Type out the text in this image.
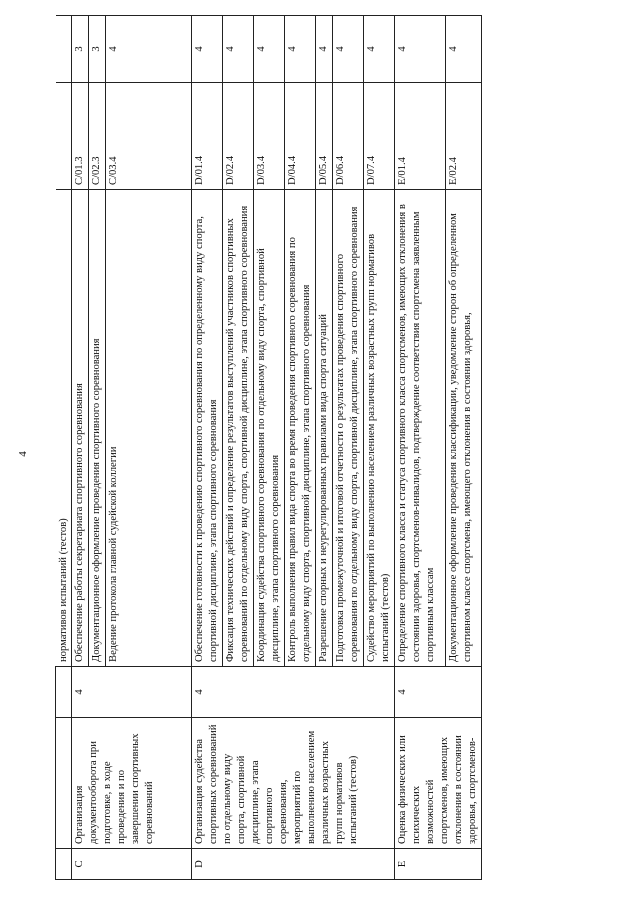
4
			нормативов испытаний (тестов)		
C	Организация документооборота при подготовке, в ходе проведения и по завершении спортивных соревнований	4	Обеспечение работы секретариата спортивного соревнования	C/01.3	3
			Документационное оформление проведения спортивного соревнования	C/02.3	3
			Ведение протокола главной судейской коллегии	C/03.4	4
D	Организация судейства спортивных соревнований по отдельному виду спорта, спортивной дисциплине, этапа спортивного соревнования, мероприятий по выполнению населением различных возрастных групп нормативов испытаний (тестов)	4	Обеспечение готовности к проведению спортивного соревнования по определенному виду спорта, спортивной дисциплине, этапа спортивного соревнования	D/01.4	4
			Фиксация технических действий и определение результатов выступлений участников спортивных соревнований по отдельному виду спорта, спортивной дисциплине, этапа спортивного соревнования	D/02.4	4
			Координация судейства спортивного соревнования по отдельному виду спорта, спортивной дисциплине, этапа спортивного соревнования	D/03.4	4
			Контроль выполнения правил вида спорта во время проведения спортивного соревнования по отдельному виду спорта, спортивной дисциплине, этапа спортивного соревнования	D/04.4	4
			Разрешение спорных и неурегулированных правилами вида спорта ситуаций	D/05.4	4
			Подготовка промежуточной и итоговой отчетности о результатах проведения спортивного соревнования по отдельному виду спорта, спортивной дисциплине, этапа спортивного соревнования	D/06.4	4
			Судейство мероприятий по выполнению населением различных возрастных групп нормативов испытаний (тестов)	D/07.4	4
E	Оценка физических или психических возможностей спортсменов, имеющих отклонения в состоянии здоровья, спортсменов-	4	Определение спортивного класса и статуса спортивного класса спортсменов, имеющих отклонения в состоянии здоровья, спортсменов-инвалидов, подтверждение соответствия спортсмена заявленным спортивным классам	E/01.4	4
			Документационное оформление проведения классификации, уведомление сторон об определенном спортивном классе спортсмена, имеющего отклонения в состоянии здоровья,	E/02.4	4
